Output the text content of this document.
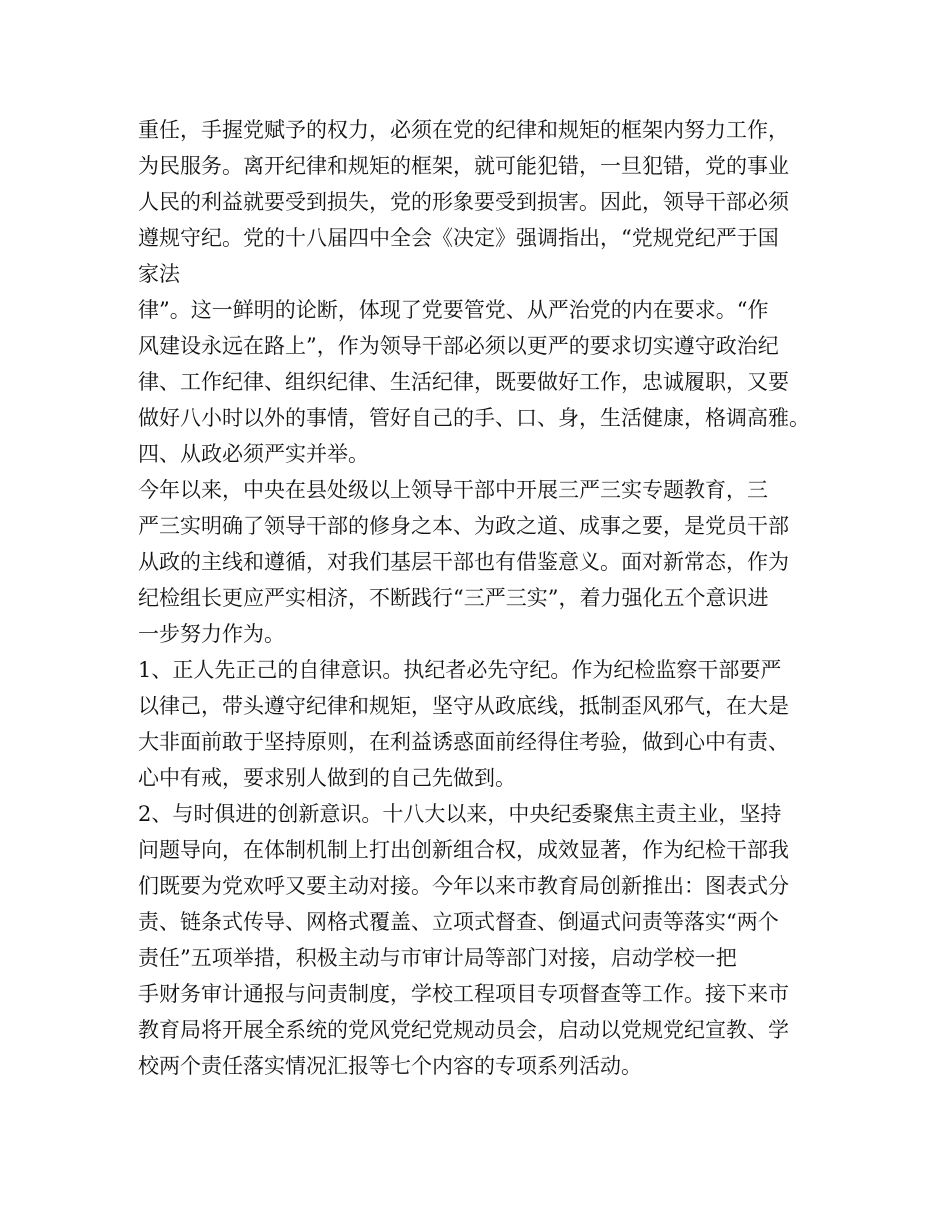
重任，手握党赋予的权力，必须在党的纪律和规矩的框架内努力工作，
为民服务。离开纪律和规矩的框架，就可能犯错，一旦犯错，党的事业
人民的利益就要受到损失，党的形象要受到损害。因此，领导干部必须
遵规守纪。党的十八届四中全会《决定》强调指出，“党规党纪严于国
家法
律”。这一鲜明的论断，体现了党要管党、从严治党的内在要求。“作
风建设永远在路上”，作为领导干部必须以更严的要求切实遵守政治纪
律、工作纪律、组织纪律、生活纪律，既要做好工作，忠诚履职，又要
做好八小时以外的事情，管好自己的手、口、身，生活健康，格调高雅。
四、从政必须严实并举。
今年以来，中央在县处级以上领导干部中开展三严三实专题教育，三
严三实明确了领导干部的修身之本、为政之道、成事之要，是党员干部
从政的主线和遵循，对我们基层干部也有借鉴意义。面对新常态，作为
纪检组长更应严实相济，不断践行“三严三实”，着力强化五个意识进
一步努力作为。
1、正人先正己的自律意识。执纪者必先守纪。作为纪检监察干部要严
以律己，带头遵守纪律和规矩，坚守从政底线，抵制歪风邪气，在大是
大非面前敢于坚持原则，在利益诱惑面前经得住考验，做到心中有责、
心中有戒，要求别人做到的自己先做到。
2、与时俱进的创新意识。十八大以来，中央纪委聚焦主责主业，坚持
问题导向，在体制机制上打出创新组合权，成效显著，作为纪检干部我
们既要为党欢呼又要主动对接。今年以来市教育局创新推出：图表式分
责、链条式传导、网格式覆盖、立项式督查、倒逼式问责等落实“两个
责任”五项举措，积极主动与市审计局等部门对接，启动学校一把
手财务审计通报与问责制度，学校工程项目专项督查等工作。接下来市
教育局将开展全系统的党风党纪党规动员会，启动以党规党纪宣教、学
校两个责任落实情况汇报等七个内容的专项系列活动。
